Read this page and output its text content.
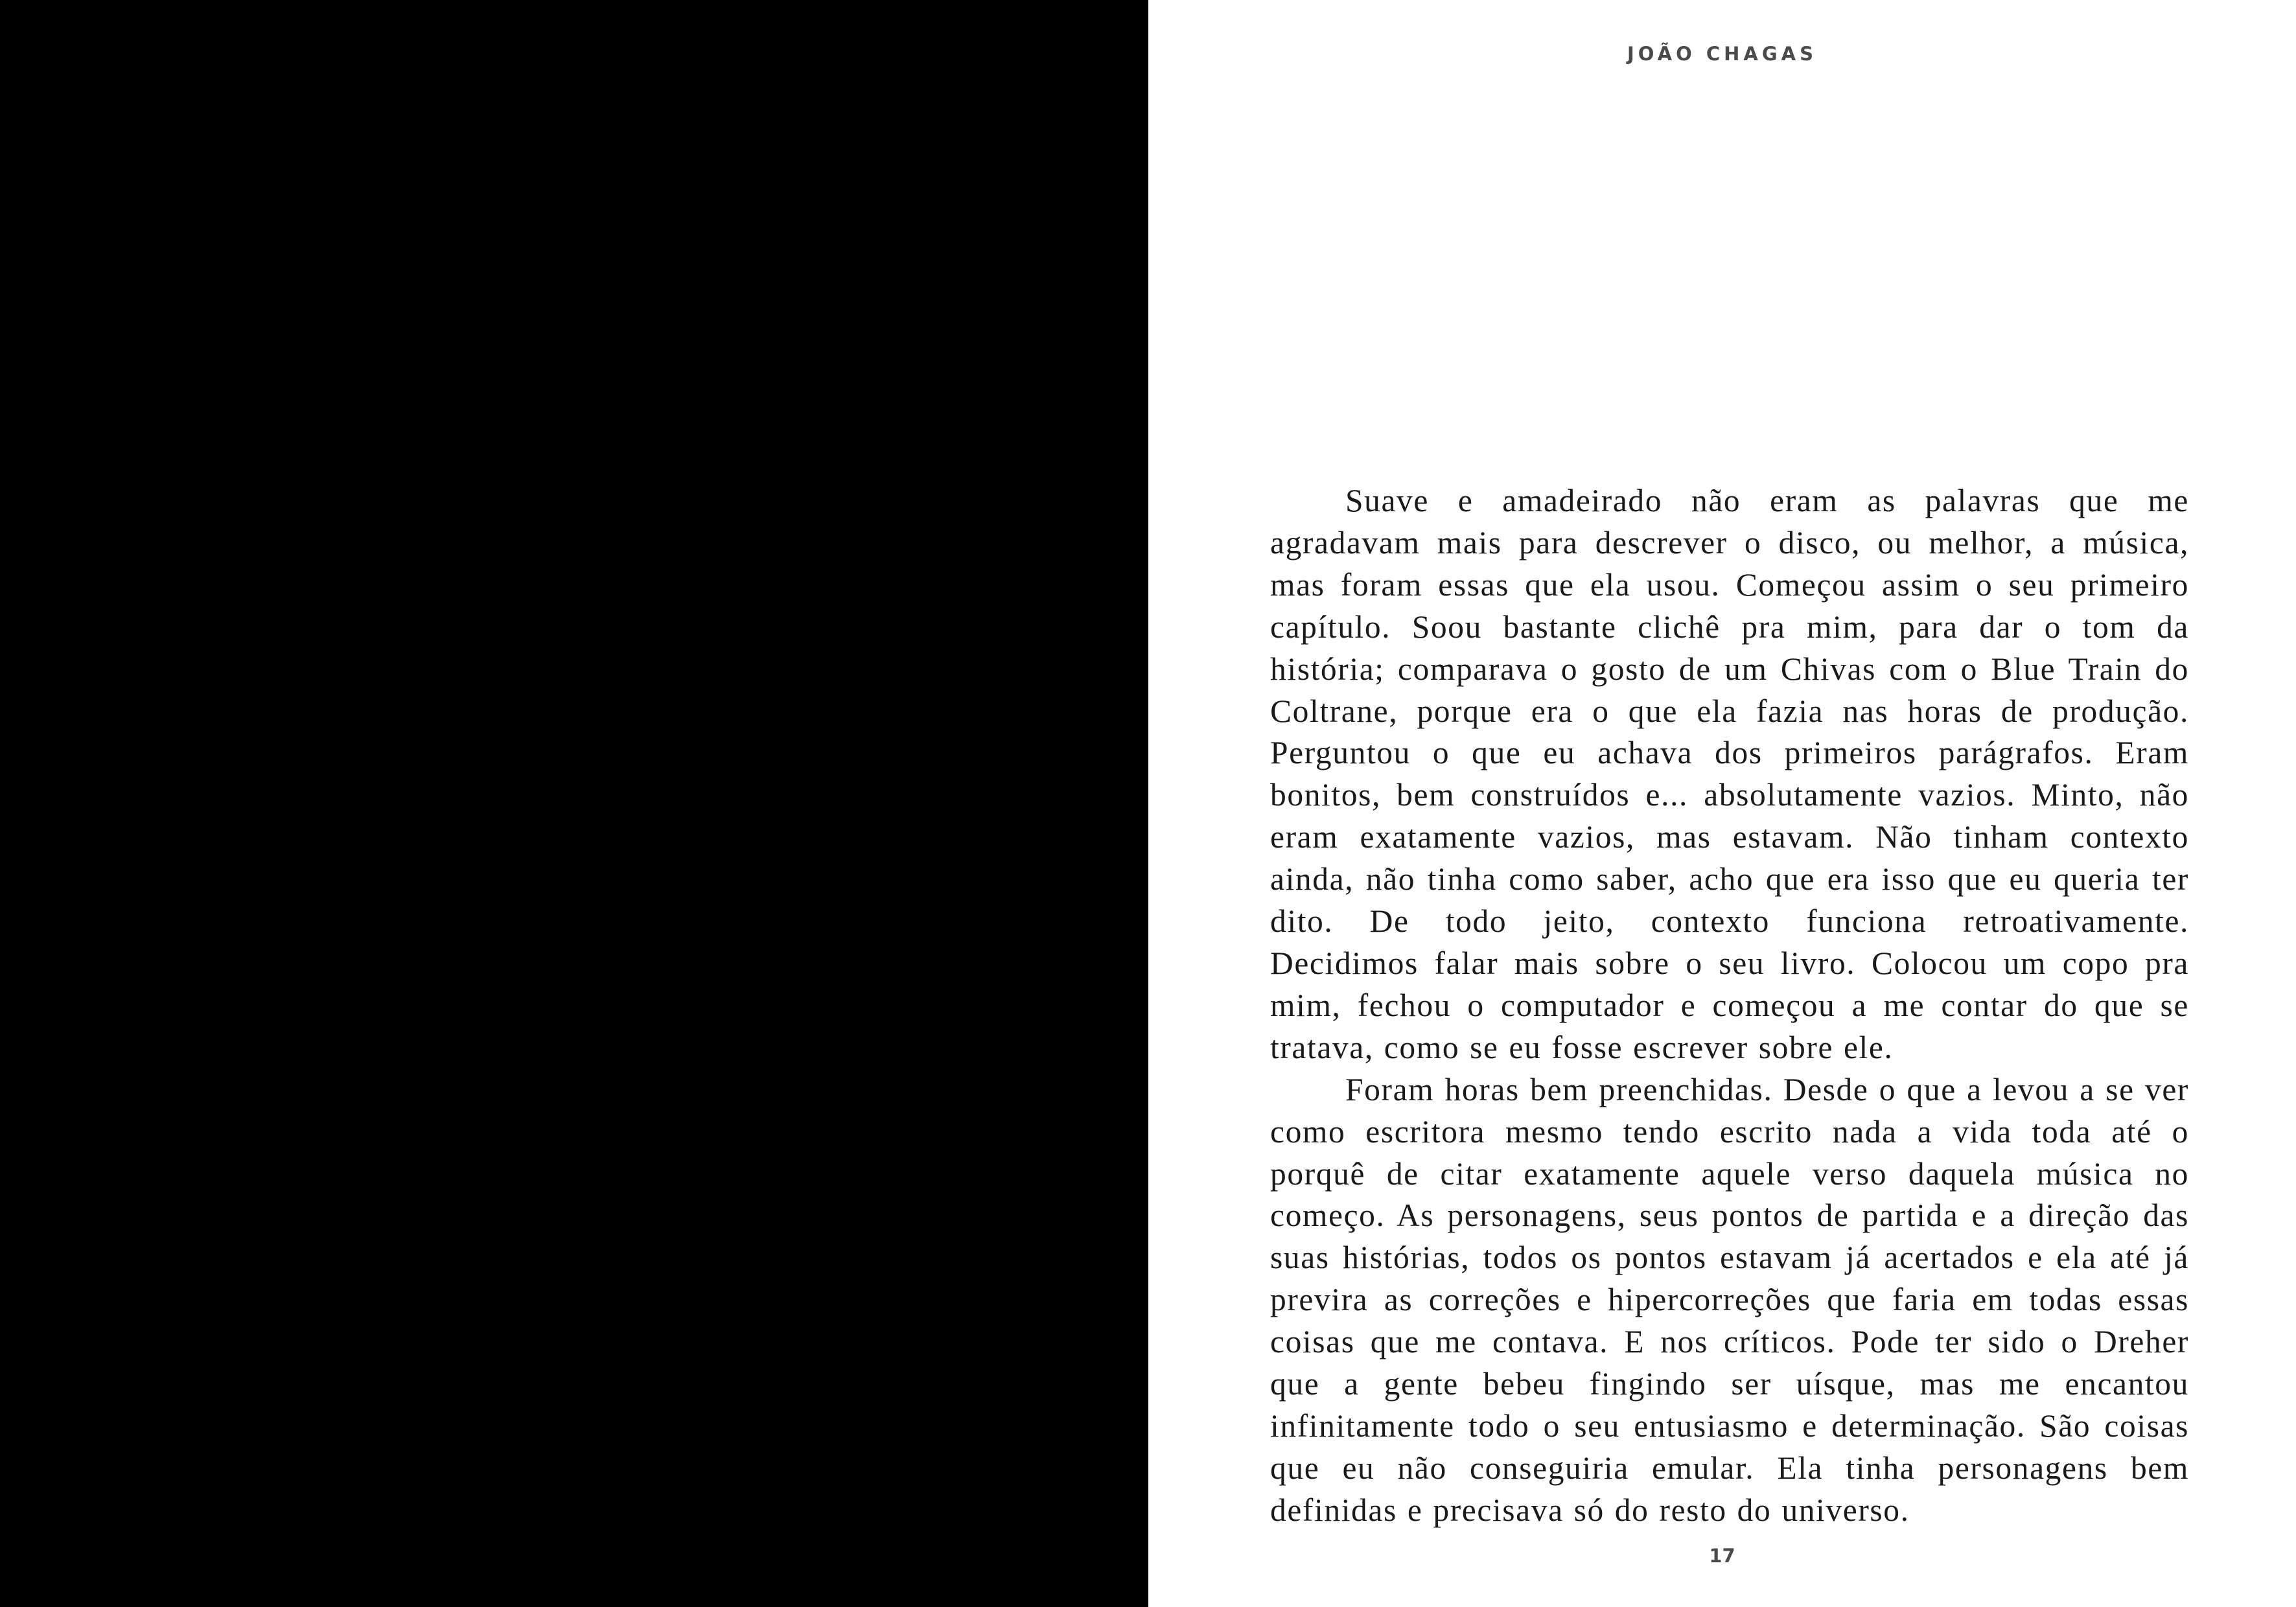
JOÃO CHAGAS

Suave e amadeirado não eram as palavras que me agradavam mais para descrever o disco, ou melhor, a música, mas foram essas que ela usou. Começou assim o seu primeiro capítulo. Soou bastante clichê pra mim, para dar o tom da história; comparava o gosto de um Chivas com o Blue Train do Coltrane, porque era o que ela fazia nas horas de produção. Perguntou o que eu achava dos primeiros parágrafos. Eram bonitos, bem construídos e... absolutamente vazios. Minto, não eram exatamente vazios, mas estavam. Não tinham contexto ainda, não tinha como saber, acho que era isso que eu queria ter dito. De todo jeito, contexto funciona retroativamente. Decidimos falar mais sobre o seu livro. Colocou um copo pra mim, fechou o computador e começou a me contar do que se tratava, como se eu fosse escrever sobre ele.

Foram horas bem preenchidas. Desde o que a levou a se ver como escritora mesmo tendo escrito nada a vida toda até o porquê de citar exatamente aquele verso daquela música no começo. As personagens, seus pontos de partida e a direção das suas histórias, todos os pontos estavam já acertados e ela até já previra as correções e hipercorreções que faria em todas essas coisas que me contava. E nos críticos. Pode ter sido o Dreher que a gente bebeu fingindo ser uísque, mas me encantou infinitamente todo o seu entusiasmo e determinação. São coisas que eu não conseguiria emular. Ela tinha personagens bem definidas e precisava só do resto do universo.

17
